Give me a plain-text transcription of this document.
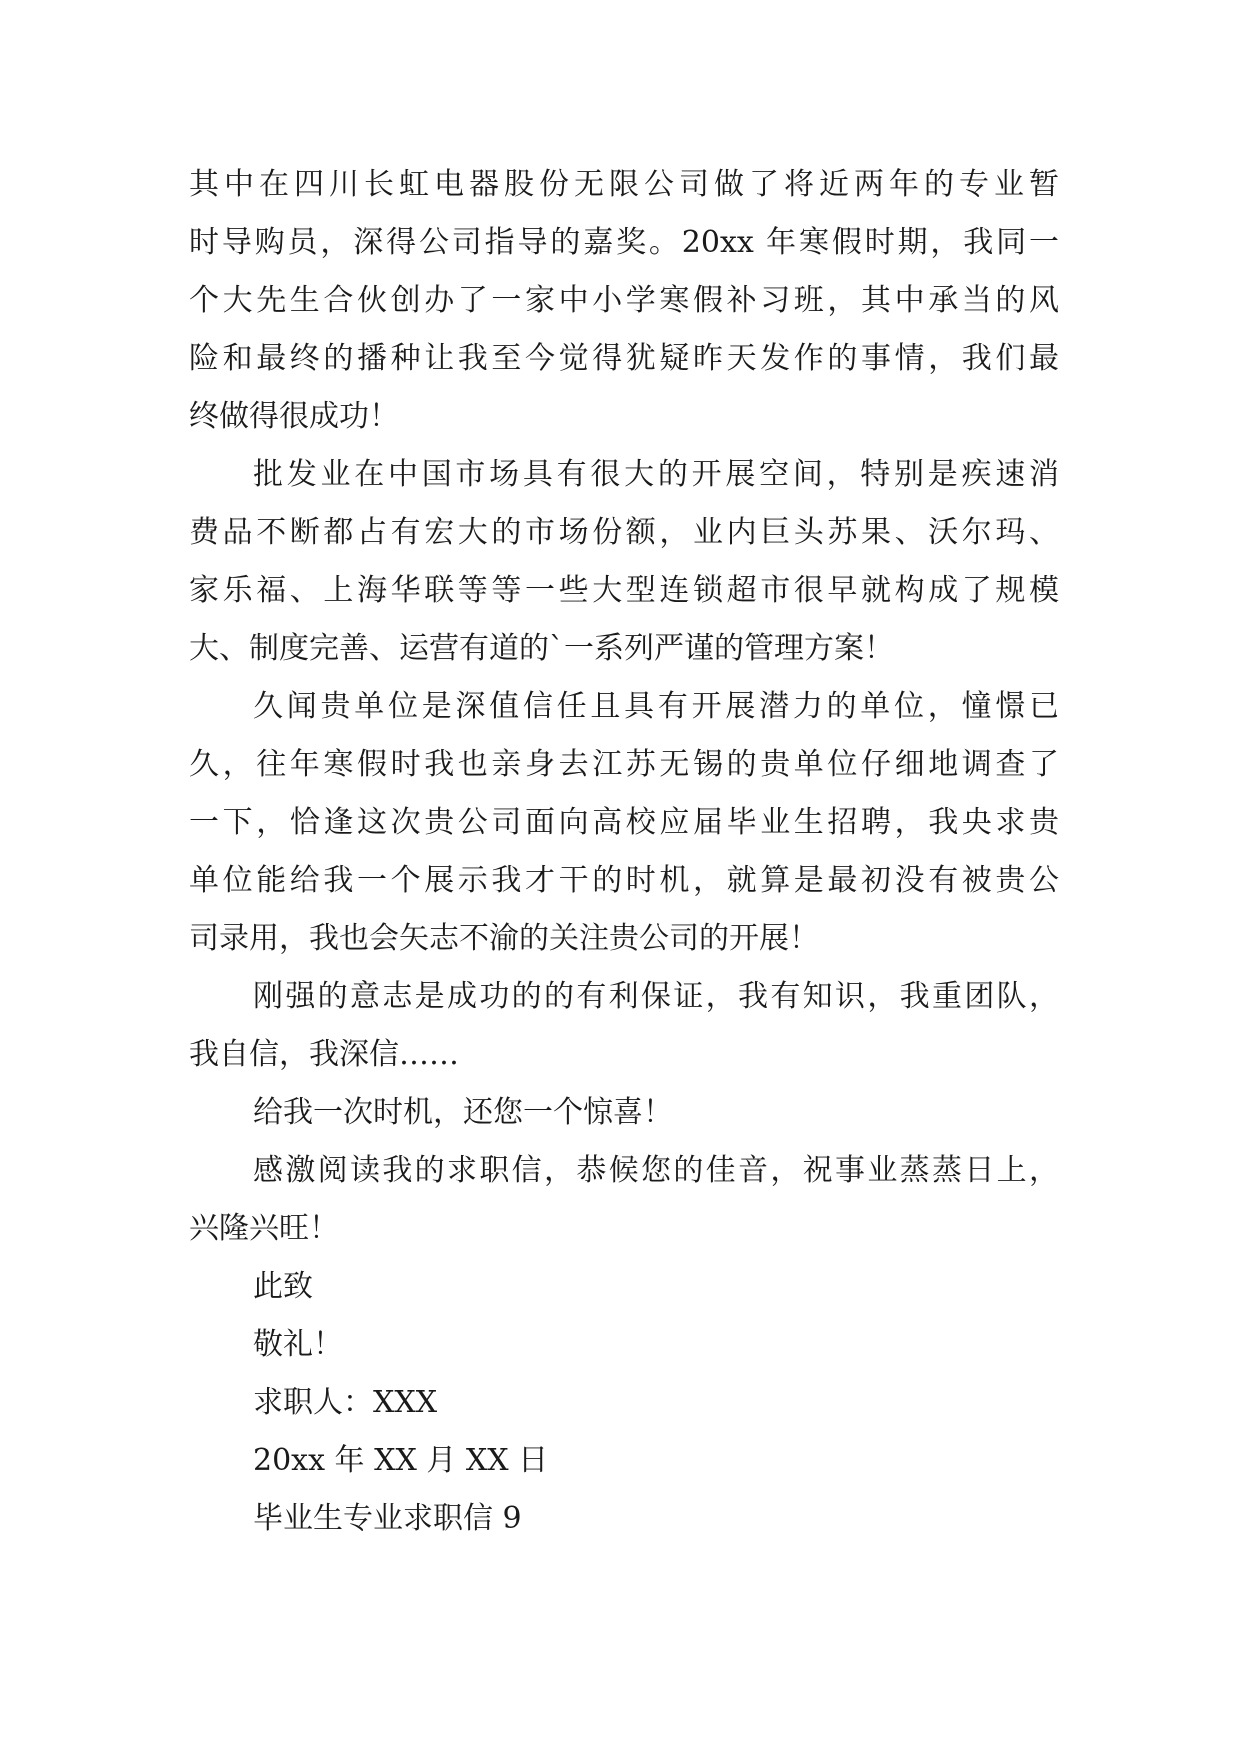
其中在四川长虹电器股份无限公司做了将近两年的专业暂
时导购员，深得公司指导的嘉奖。20xx 年寒假时期，我同一
个大先生合伙创办了一家中小学寒假补习班，其中承当的风
险和最终的播种让我至今觉得犹疑昨天发作的事情，我们最
终做得很成功！
批发业在中国市场具有很大的开展空间，特别是疾速消
费品不断都占有宏大的市场份额，业内巨头苏果、沃尔玛、
家乐福、上海华联等等一些大型连锁超市很早就构成了规模
大、制度完善、运营有道的`一系列严谨的管理方案！
久闻贵单位是深值信任且具有开展潜力的单位，憧憬已
久，往年寒假时我也亲身去江苏无锡的贵单位仔细地调查了
一下，恰逢这次贵公司面向高校应届毕业生招聘，我央求贵
单位能给我一个展示我才干的时机，就算是最初没有被贵公
司录用，我也会矢志不渝的关注贵公司的开展！
刚强的意志是成功的的有利保证，我有知识，我重团队，
我自信，我深信……
给我一次时机，还您一个惊喜！
感激阅读我的求职信，恭候您的佳音，祝事业蒸蒸日上，
兴隆兴旺！
此致
敬礼！
求职人：XXX
20xx 年 XX 月 XX 日
毕业生专业求职信 9
